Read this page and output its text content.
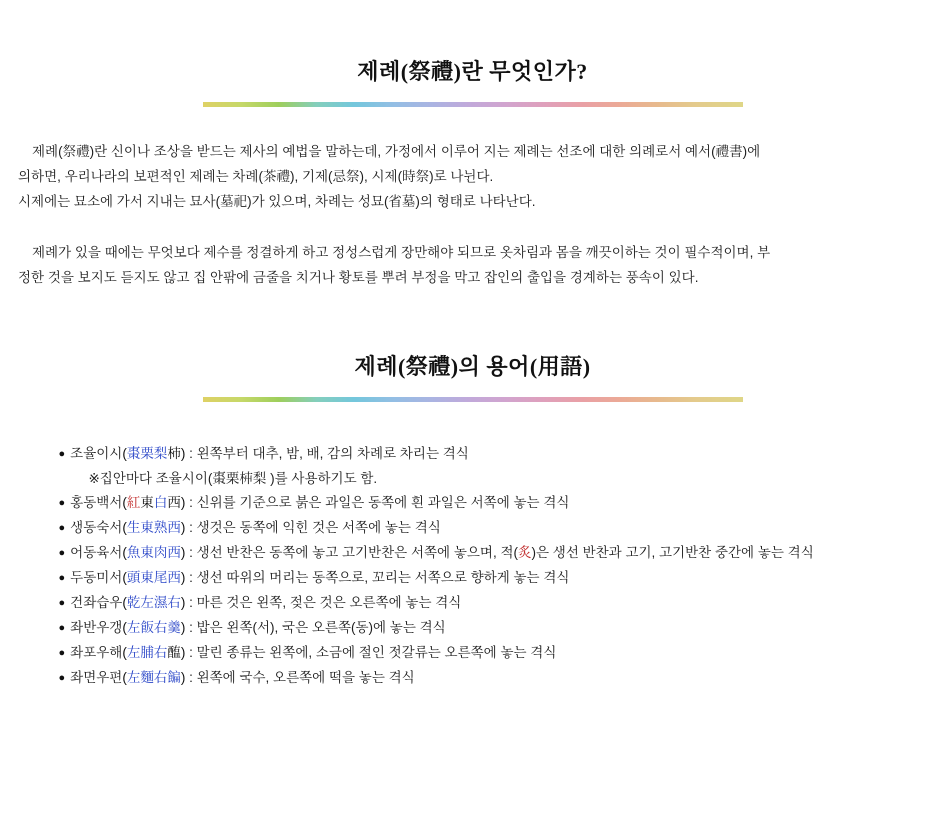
제례(祭禮)란 무엇인가?

제례(祭禮)란 신이나 조상을 받드는 제사의 예법을 말하는데, 가정에서 이루어 지는 제례는 선조에 대한 의례로서 예서(禮書)에
의하면, 우리나라의 보편적인 제례는 차례(茶禮), 기제(忌祭), 시제(時祭)로 나뉜다.
시제에는 묘소에 가서 지내는 묘사(墓祀)가 있으며, 차례는 성묘(省墓)의 형태로 나타난다.

제례가 있을 때에는 무엇보다 제수를 정결하게 하고 정성스럽게 장만해야 되므로 옷차림과 몸을 깨끗이하는 것이 필수적이며, 부
정한 것을 보지도 듣지도 않고 집 안팎에 금줄을 치거나 황토를 뿌려 부정을 막고 잡인의 출입을 경계하는 풍속이 있다.

제례(祭禮)의 용어(用語)
● 조율이시(棗栗梨柿) : 왼쪽부터 대추, 밤, 배, 감의 차례로 차리는 격식
※집안마다 조율시이(棗栗枾梨 )를 사용하기도 함.
● 홍동백서(紅東白西) : 신위를 기준으로 붉은 과일은 동쪽에 흰 과일은 서쪽에 놓는 격식
● 생동숙서(生東熟西) : 생것은 동쪽에 익힌 것은 서쪽에 놓는 격식
● 어동육서(魚東肉西) : 생선 반찬은 동쪽에 놓고 고기반찬은 서쪽에 놓으며, 적(炙)은 생선 반찬과 고기, 고기반찬 중간에 놓는 격식
● 두동미서(頭東尾西) : 생선 따위의 머리는 동쪽으로, 꼬리는 서쪽으로 향하게 놓는 격식
● 건좌습우(乾左濕右) : 마른 것은 왼쪽, 젖은 것은 오른쪽에 놓는 격식
● 좌반우갱(左飯右羹) : 밥은 왼쪽(서), 국은 오른쪽(동)에 놓는 격식
● 좌포우해(左脯右醢) : 말린 종류는 왼쪽에, 소금에 절인 젓갈류는 오른쪽에 놓는 격식
● 좌면우편(左麵右䭏) : 왼쪽에 국수, 오른쪽에 떡을 놓는 격식
